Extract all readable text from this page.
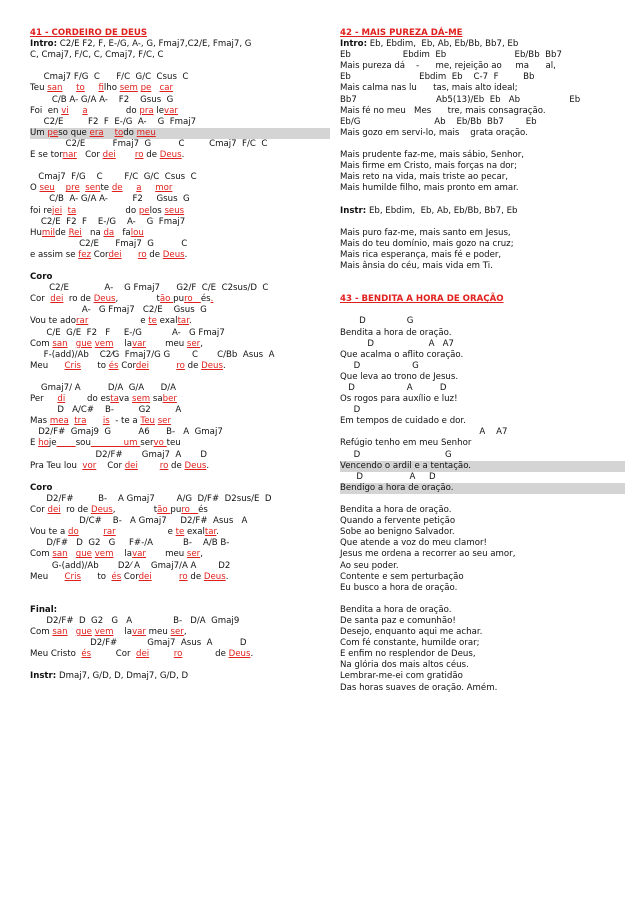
41 - CORDEIRO DE DEUS
Intro: C2/E F2, F, E-/G, A-, G, Fmaj7,C2/E, Fmaj7, G
C, Cmaj7, F/C, C, Cmaj7, F/C, C
Cmaj7 F/G  C      F/C  G/C  Csus  C
Teu san to filho sem pe car
C/B A- G/A A-    F2    Gsus  G
Foi  en vi a              do pra levar
C2/E         F2  F  E-/G  A-    G  Fmaj7
Um peso que era todo meu
C2/E          Fmaj7  G          C         Cmaj7  F/C  C
E se tornar   Cor dei ro de Deus.
Cmaj7  F/G    C        F/C  G/C  Csus  C
O seu pre sente de a mor
C/B  A- G/A A-         F2     Gsus  G
foi rejei ta                  do pelos seus
C2/E  F2  F    E-/G    A-    G  Fmaj7
Humilde Rei   na da   falou
C2/E      Fmaj7  G          C
e assim se fez Cordei ro de Deus.
Coro
C2/E             A-    G Fmaj7      G2/F  C/E  C2sus/D  C
Cor  dei  ro de Deus,              tão puro   és.
A-   G Fmaj7   C2/E    Gsus  G
Vou te adorar                   e te exaltar.
C/E  G/E  F2   F     E-/G           A-   G Fmaj7
Com san gue vem    lavar       meu ser,
F-(add)/Ab    C2⁄G  Fmaj7/G G        C       C/Bb  Asus  A
Meu      Cris      to és Cordei	ro de Deus.
Gmaj7/ A          D/A  G/A      D/A
Per     di        do estava sem saber
D   A/C#    B-         G2         A
Mas mea tra is  - te a Teu ser
D2/F#  Gmaj9  G          A6      B-   A  Gmaj7
E hoje sou            um servo teu
D2/F#       Gmaj7  A       D
Pra Teu lou  vor    Cor dei	ro de Deus.
Coro
D2/F#         B-    A Gmaj7        A/G  D/F#  D2sus/E  D
Cor dei  ro de Deus,              tão puro   és
D/C#    B-   A Gmaj7     D2/F#  Asus   A
Vou te a do	rar                   e te exaltar.
D/F#   D  G2   G     F#-/A           B-    A/B B-
Com san gue vem    lavar       meu ser,
G-(add)/Ab       D2⁄ A    Gmaj7/A A        D2
Meu      Cris      to  és Cordei	ro de Deus.
Final:
D2/F#  D  G2   G   A               B-   D/A  Gmaj9
Com san gue vem    lavar meu ser,
D2/F#           Gmaj7  Asus  A          D
Meu Cristo  és         Cor  dei	ro            de Deus.
Instr: Dmaj7, G/D, D, Dmaj7, G/D, D
42 - MAIS PUREZA DÁ-ME
Intro: Eb, Ebdim,  Eb, Ab, Eb/Bb, Bb7, Eb
Eb                   Ebdim  Eb                         Eb/Bb  Bb7
Mais pureza dá    -      me, rejeição ao     ma      al,
Eb                         Ebdim  Eb    C-7  F         Bb
Mais calma nas lu      tas, mais alto ideal;
Bb7                             Ab5(13)/Eb  Eb   Ab                  Eb
Mais fé no meu   Mes      tre, mais consagração.
Eb/G                           Ab    Eb/Bb  Bb7        Eb
Mais gozo em servi-lo, mais    grata oração.
Mais prudente faz-me, mais sábio, Senhor,
Mais firme em Cristo, mais forças na dor;
Mais reto na vida, mais triste ao pecar,
Mais humilde filho, mais pronto em amar.
Instr: Eb, Ebdim,  Eb, Ab, Eb/Bb, Bb7, Eb
Mais puro faz-me, mais santo em Jesus,
Mais do teu domínio, mais gozo na cruz;
Mais rica esperança, mais fé e poder,
Mais ânsia do céu, mais vida em Ti.
43 - BENDITA A HORA DE ORAÇÃO
D               G
Bendita a hora de oração.
D                    A   A7
Que acalma o aflito coração.
D                   G
Que leva ao trono de Jesus.
D                   A          D
Os rogos para auxílio e luz!
D
Em tempos de cuidado e dor.
A    A7
Refúgio tenho em meu Senhor
D                               G
Vencendo o ardil e a tentação.
D                 A     D
Bendigo a hora de oração.
Bendita a hora de oração.
Quando a fervente petição
Sobe ao benigno Salvador.
Que atende a voz do meu clamor!
Jesus me ordena a recorrer ao seu amor,
Ao seu poder.
Contente e sem perturbação
Eu busco a hora de oração.
Bendita a hora de oração.
De santa paz e comunhão!
Desejo, enquanto aqui me achar.
Com fé constante, humilde orar;
E enfim no resplendor de Deus,
Na glória dos mais altos céus.
Lembrar-me-ei com gratidão
Das horas suaves de oração. Amém.
